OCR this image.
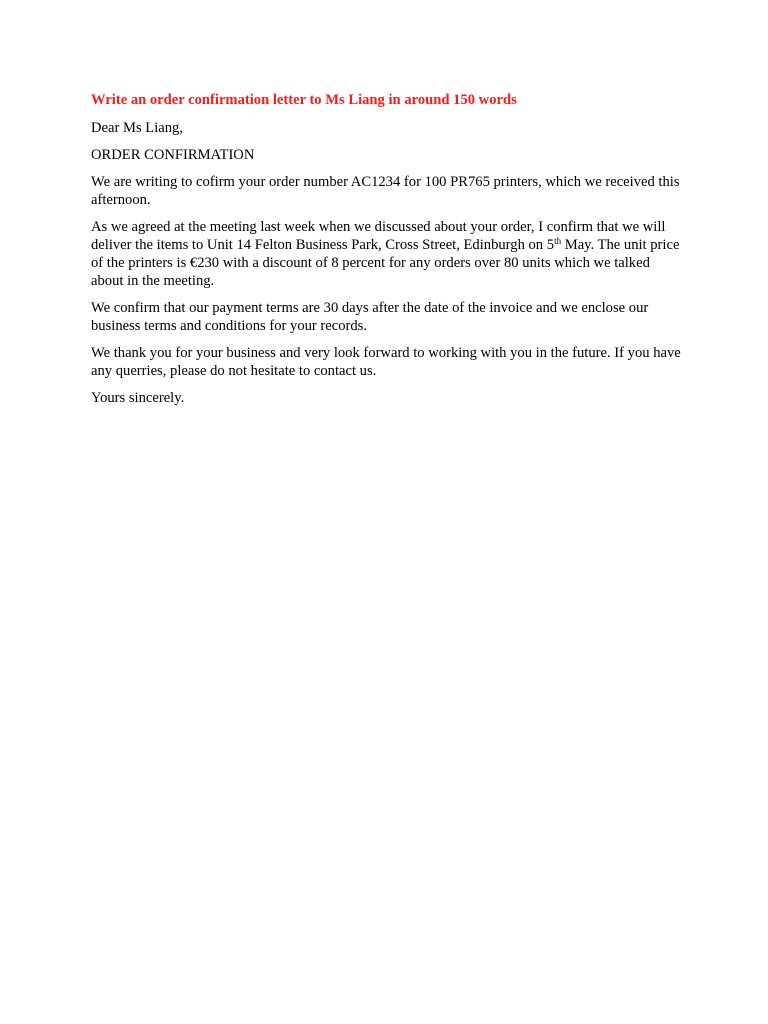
Write an order confirmation letter to Ms Liang in around 150 words

Dear Ms Liang,

ORDER CONFIRMATION

We are writing to cofirm your order number AC1234 for 100 PR765 printers, which we received this afternoon.

As we agreed at the meeting last week when we discussed about your order, I confirm that we will deliver the items to Unit 14 Felton Business Park, Cross Street, Edinburgh on 5th May. The unit price of the printers is €230 with a discount of 8 percent for any orders over 80 units which we talked about in the meeting.

We confirm that our payment terms are 30 days after the date of the invoice and we enclose our business terms and conditions for your records.

We thank you for your business and very look forward to working with you in the future. If you have any querries, please do not hesitate to contact us.

Yours sincerely.
